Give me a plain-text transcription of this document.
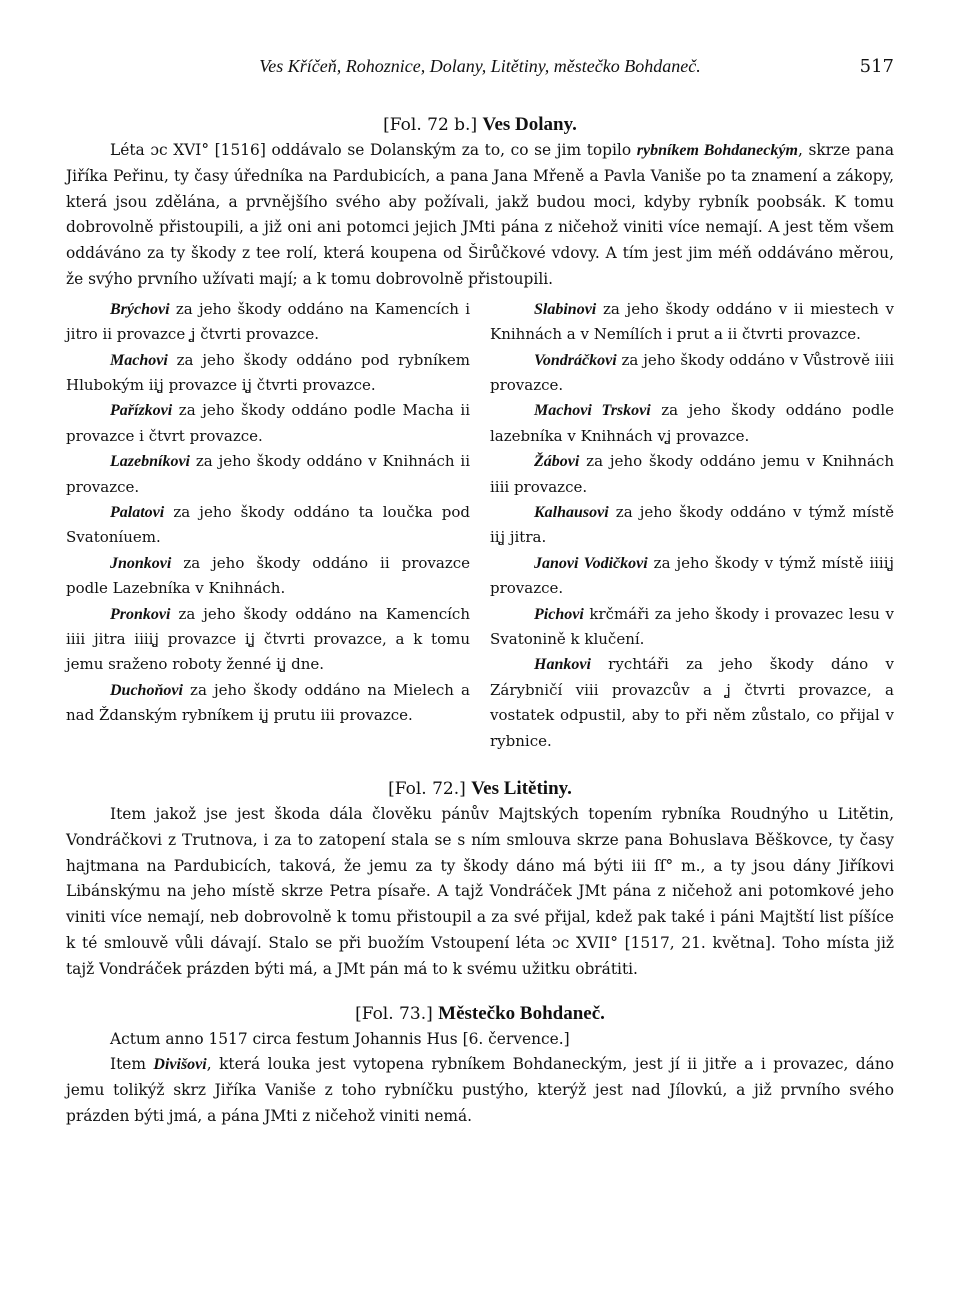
Ves Kříčeň, Rohoznice, Dolany, Litětiny, městečko Bohdaneč.	517
[Fol. 72 b.] Ves Dolany.

Léta ɔc XVI° [1516] oddávalo se Dolanským za to, co se jim topilo rybníkem Bohdaneckým, skrze pana Jiříka Peřinu, ty časy úředníka na Pardubicích, a pana Jana Mřeně a Pavla Vaniše po ta znamení a zákopy, která jsou zdělána, a prvnějšího svého aby požívali, jakž budou moci, kdyby rybník poobsák. K tomu dobrovolně přistoupili, a již oni ani potomci jejich JMti pána z ničehož viniti více nemají. A jest těm všem oddáváno za ty škody z tee rolí, která koupena od Širůčkové vdovy. A tím jest jim méň oddáváno měrou, že svýho prvního užívati mají; a k tomu dobrovolně přistoupili.

Brýchovi za jeho škody oddáno na Kamencích i jitro ii provazce ʝ čtvrti provazce.

Machovi za jeho škody oddáno pod rybníkem Hlubokým iiʝ provazce iʝ čtvrti provazce.

Pařízkovi za jeho škody oddáno podle Macha ii provazce i čtvrt provazce.

Lazebníkovi za jeho škody oddáno v Knihnách ii provazce.

Palatovi za jeho škody oddáno ta loučka pod Svatoníuem.

Jnonkovi za jeho škody oddáno ii provazce podle Lazebníka v Knihnách.

Pronkovi za jeho škody oddáno na Kamencích iiii jitra iiiiʝ provazce iʝ čtvrti provazce, a k tomu jemu sraženo roboty ženné iʝ dne.

Duchoňovi za jeho škody oddáno na Mielech a nad Ždanským rybníkem iʝ prutu iii provazce.

Slabinovi za jeho škody oddáno v ii miestech v Knihnách a v Nemílích i prut a ii čtvrti provazce.

Vondráčkovi za jeho škody oddáno v Vůstrově iiii provazce.

Machovi Trskovi za jeho škody oddáno podle lazebníka v Knihnách vʝ provazce.

Žábovi za jeho škody oddáno jemu v Knihnách iiii provazce.

Kalhausovi za jeho škody oddáno v týmž místě iiʝ jitra.

Janovi Vodičkovi za jeho škody v týmž místě iiiiʝ provazce.

Pichovi krčmáři za jeho škody i provazec lesu v Svatonině k klučení.

Hankovi rychtáři za jeho škody dáno v Zárybničí viii provazcův a ʝ čtvrti provazce, a vostatek odpustil, aby to při něm zůstalo, co přijal v rybnice.

[Fol. 72.] Ves Litětiny.

Item jakož jse jest škoda dála člověku pánův Majtských topením rybníka Roudnýho u Litětin, Vondráčkovi z Trutnova, i za to zatopení stala se s ním smlouva skrze pana Bohuslava Běškovce, ty časy hajtmana na Pardubicích, taková, že jemu za ty škody dáno má býti iii ſſ° m., a ty jsou dány Jiříkovi Libánskýmu na jeho místě skrze Petra písaře. A tajž Vondráček JMt pána z ničehož ani potomkové jeho viniti více nemají, neb dobrovolně k tomu přistoupil a za své přijal, kdež pak také i páni Majtští list píšíce k té smlouvě vůli dávají. Stalo se při buožím Vstoupení léta ɔc XVII° [1517, 21. května]. Toho místa již tajž Vondráček prázden býti má, a JMt pán má to k svému užitku obrátiti.

[Fol. 73.] Městečko Bohdaneč.

Actum anno 1517 circa festum Johannis Hus [6. července.]

Item Divišovi, která louka jest vytopena rybníkem Bohdaneckým, jest jí ii jitře a i provazec, dáno jemu tolikýž skrz Jiříka Vaniše z toho rybníčku pustýho, kterýž jest nad Jílovkú, a již prvního svého prázden býti jmá, a pána JMti z ničehož viniti nemá.
